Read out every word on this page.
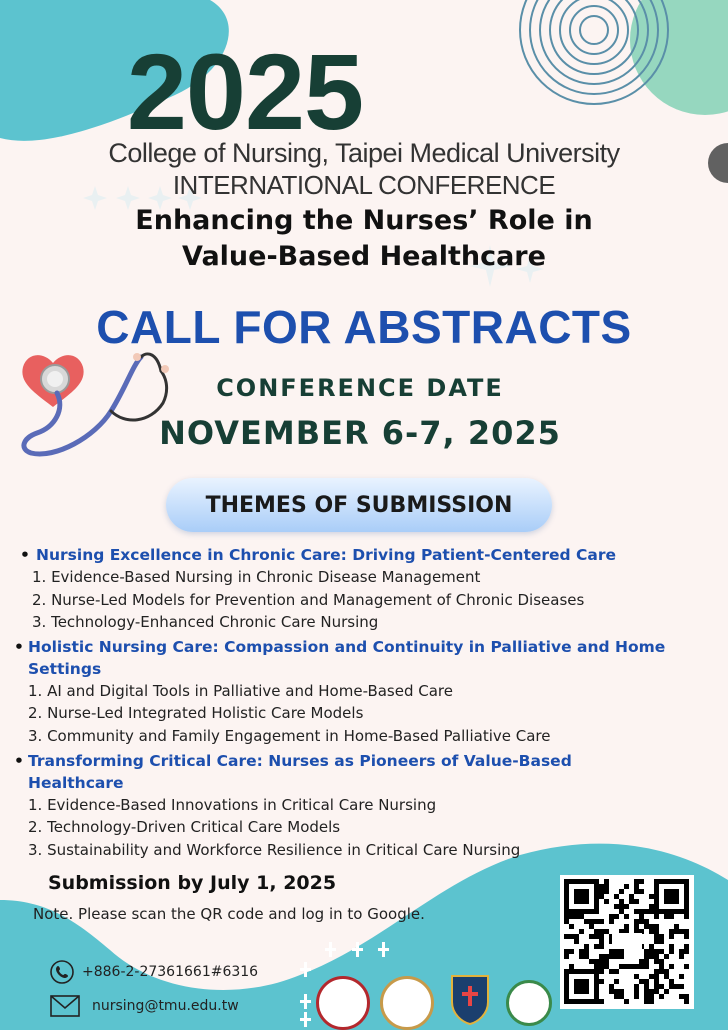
2025
College of Nursing, Taipei Medical University
INTERNATIONAL CONFERENCE
Enhancing the Nurses’ Role in
Value-Based Healthcare
CALL FOR ABSTRACTS
CONFERENCE DATE
NOVEMBER 6-7, 2025
THEMES OF SUBMISSION
• Nursing Excellence in Chronic Care: Driving Patient-Centered Care
1. Evidence-Based Nursing in Chronic Disease Management
2. Nurse-Led Models for Prevention and Management of Chronic Diseases
3. Technology-Enhanced Chronic Care Nursing
• Holistic Nursing Care: Compassion and Continuity in Palliative and Home Settings
1. AI and Digital Tools in Palliative and Home-Based Care
2. Nurse-Led Integrated Holistic Care Models
3. Community and Family Engagement in Home-Based Palliative Care
• Transforming Critical Care: Nurses as Pioneers of Value-Based Healthcare
1. Evidence-Based Innovations in Critical Care Nursing
2. Technology-Driven Critical Care Models
3. Sustainability and Workforce Resilience in Critical Care Nursing
Submission by July 1, 2025
Note. Please scan the QR code and log in to Google.
+886-2-27361661#6316
nursing@tmu.edu.tw
